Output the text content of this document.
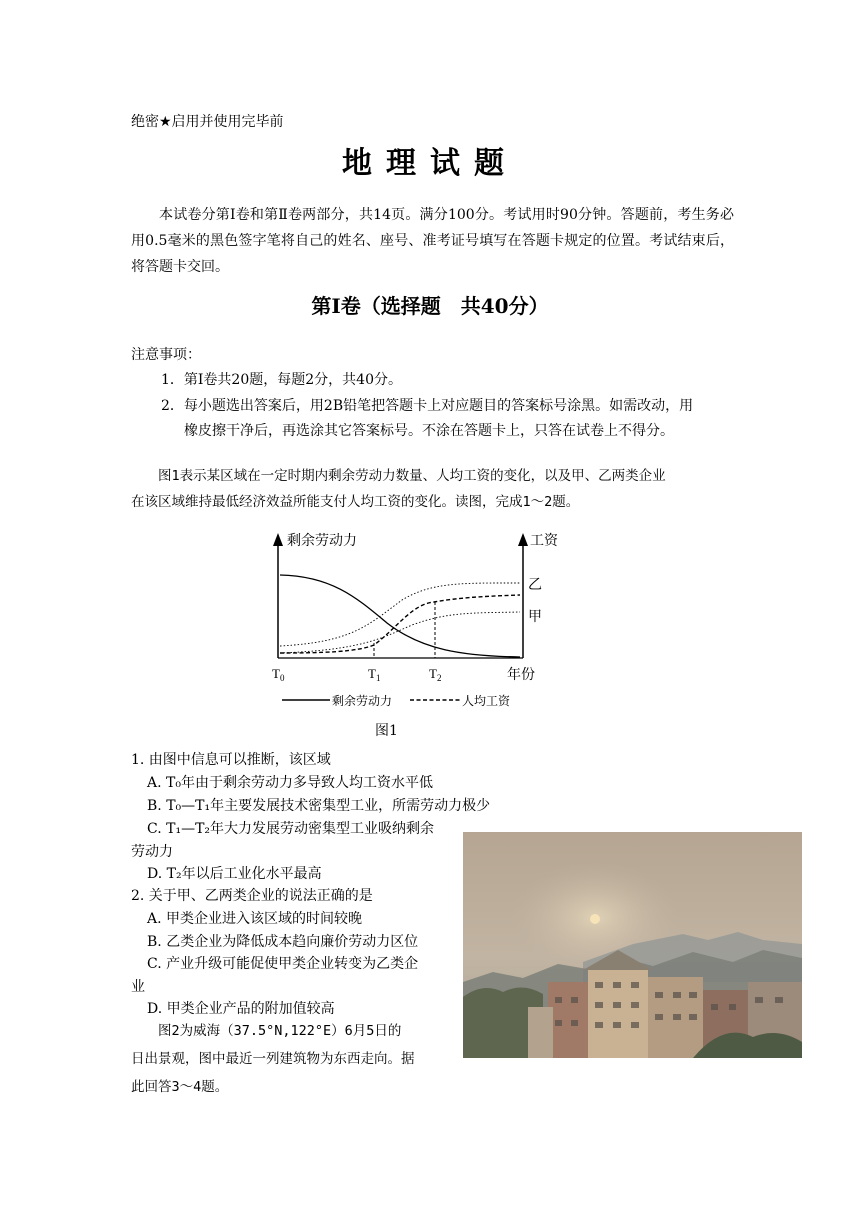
绝密★启用并使用完毕前
地理试题

本试卷分第Ⅰ卷和第Ⅱ卷两部分，共14页。满分100分。考试用时90分钟。答题前，考生务必用0.5毫米的黑色签字笔将自己的姓名、座号、准考证号填写在答题卡规定的位置。考试结束后，将答题卡交回。

第Ⅰ卷（选择题　共40分）
注意事项：
1．第Ⅰ卷共20题，每题2分，共40分。
2．每小题选出答案后，用2B铅笔把答题卡上对应题目的答案标号涂黑。如需改动，用
橡皮擦干净后，再选涂其它答案标号。不涂在答题卡上，只答在试卷上不得分。
图1表示某区域在一定时期内剩余劳动力数量、人均工资的变化，以及甲、乙两类企业
在该区域维持最低经济效益所能支付人均工资的变化。读图，完成1～2题。
剩余劳动力	工资
乙
甲
$T_0$	$T_1$	$T_2$	年份
剩余劳动力	人均工资
图1
1. 由图中信息可以推断，该区域
A. T₀年由于剩余劳动力多导致人均工资水平低
B. T₀—T₁年主要发展技术密集型工业，所需劳动力极少
C. T₁—T₂年大力发展劳动密集型工业吸纳剩余
劳动力
D. T₂年以后工业化水平最高
2. 关于甲、乙两类企业的说法正确的是
A. 甲类企业进入该区域的时间较晚
B. 乙类企业为降低成本趋向廉价劳动力区位
C. 产业升级可能促使甲类企业转变为乙类企
业
D. 甲类企业产品的附加值较高
图2为威海（37.5°N,122°E）6月5日的
日出景观，图中最近一列建筑物为东西走向。据
此回答3～4题。
